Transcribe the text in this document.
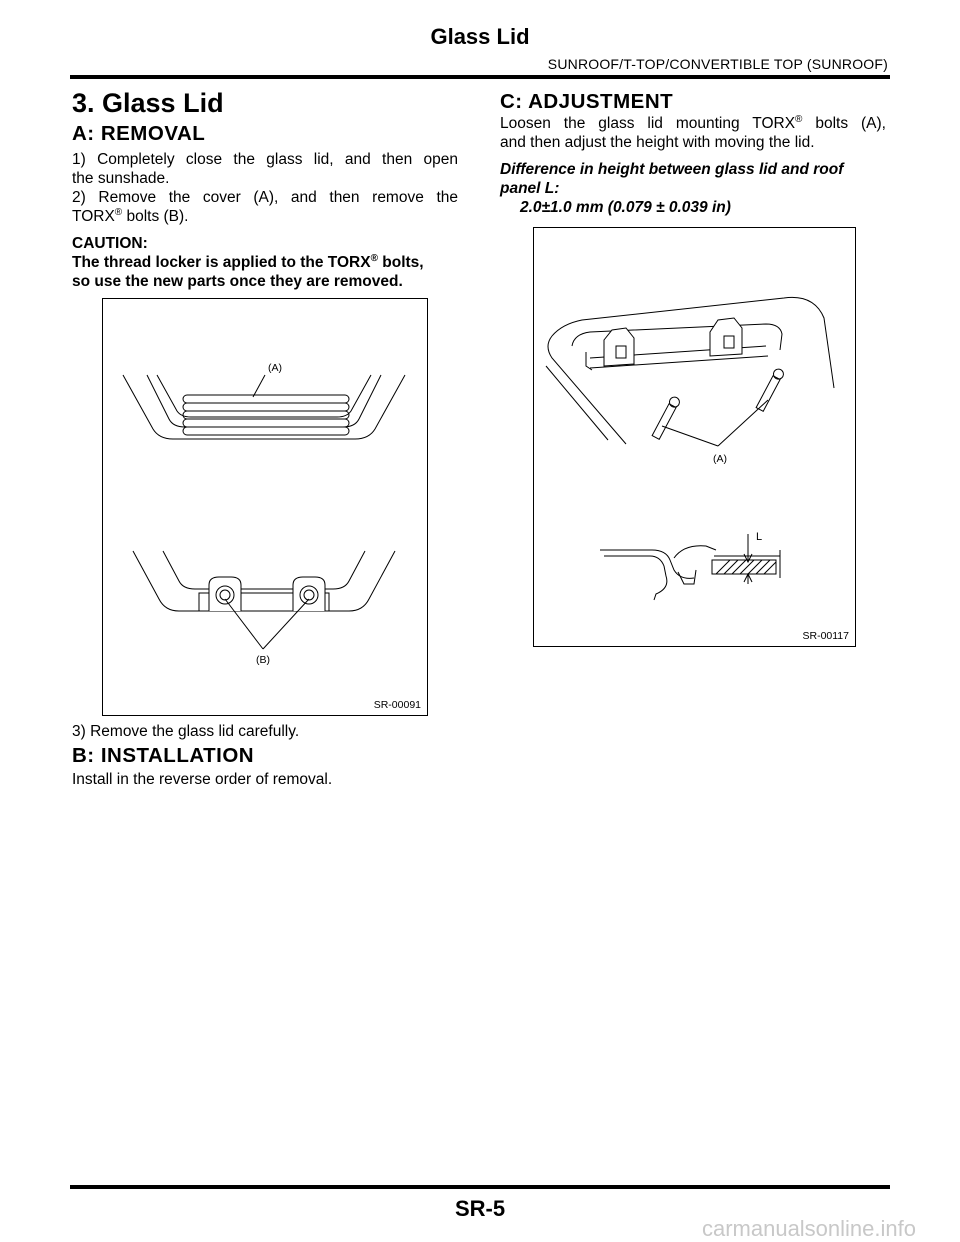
Glass Lid
SUNROOF/T-TOP/CONVERTIBLE TOP (SUNROOF)
3. Glass Lid
A: REMOVAL
1) Completely close the glass lid, and then open
the sunshade.
2) Remove the cover (A), and then remove the
TORX® bolts (B).
CAUTION:
The thread locker is applied to the TORX® bolts,
so use the new parts once they are removed.
(A)
(B)
SR-00091
3) Remove the glass lid carefully.
B: INSTALLATION
Install in the reverse order of removal.
C: ADJUSTMENT
Loosen the glass lid mounting TORX® bolts (A),
and then adjust the height with moving the lid.
Difference in height between glass lid and roof
panel L:
2.0±1.0 mm (0.079 ± 0.039 in)
(A)
L
SR-00117
SR-5
carmanualsonline.info
